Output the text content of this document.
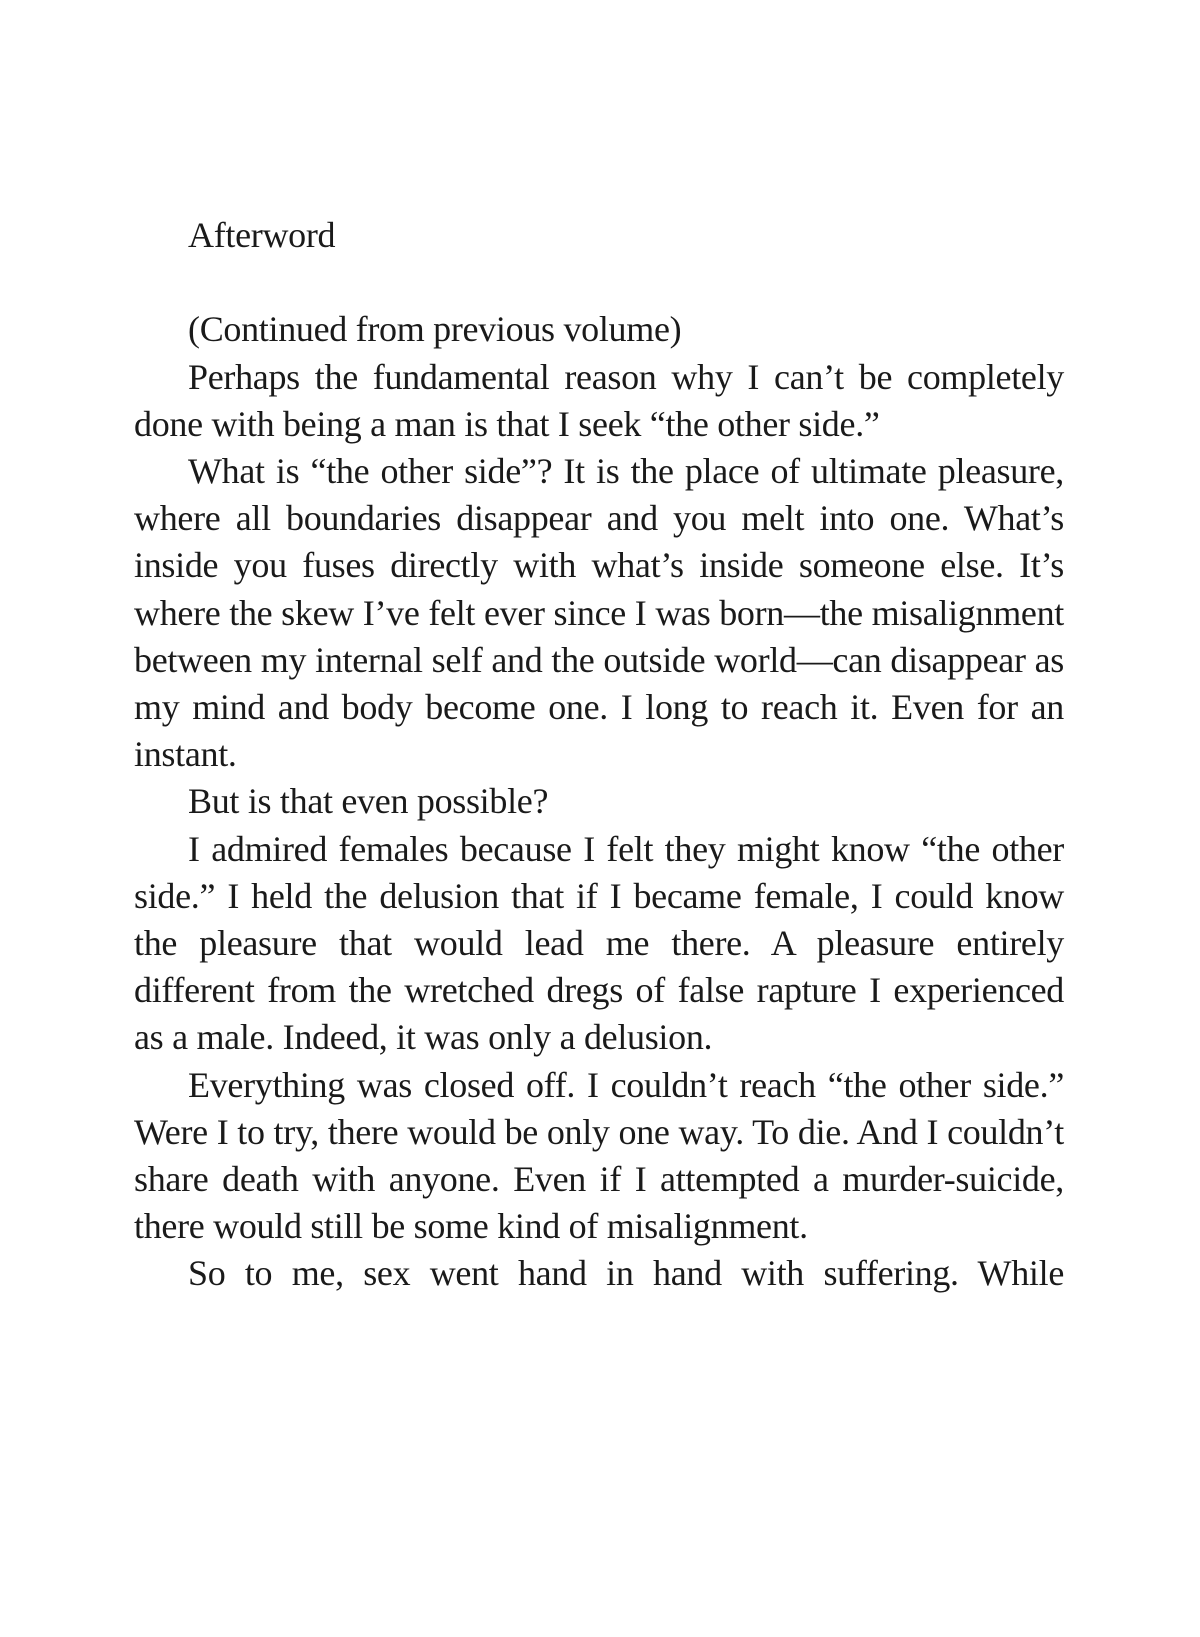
Afterword

(Continued from previous volume)

Perhaps the fundamental reason why I can’t be completely done with being a man is that I seek “the other side.”

What is “the other side”? It is the place of ultimate pleasure, where all boundaries disappear and you melt into one. What’s inside you fuses directly with what’s inside someone else. It’s where the skew I’ve felt ever since I was born—the misalignment between my internal self and the outside world—can disappear as my mind and body become one. I long to reach it. Even for an instant.

But is that even possible?

I admired females because I felt they might know “the other side.” I held the delusion that if I became female, I could know the pleasure that would lead me there. A pleasure entirely different from the wretched dregs of false rapture I experienced as a male. Indeed, it was only a delusion.

Everything was closed off. I couldn’t reach “the other side.” Were I to try, there would be only one way. To die. And I couldn’t share death with anyone. Even if I attempted a murder-suicide, there would still be some kind of misalignment.

So to me, sex went hand in hand with suffering. While
